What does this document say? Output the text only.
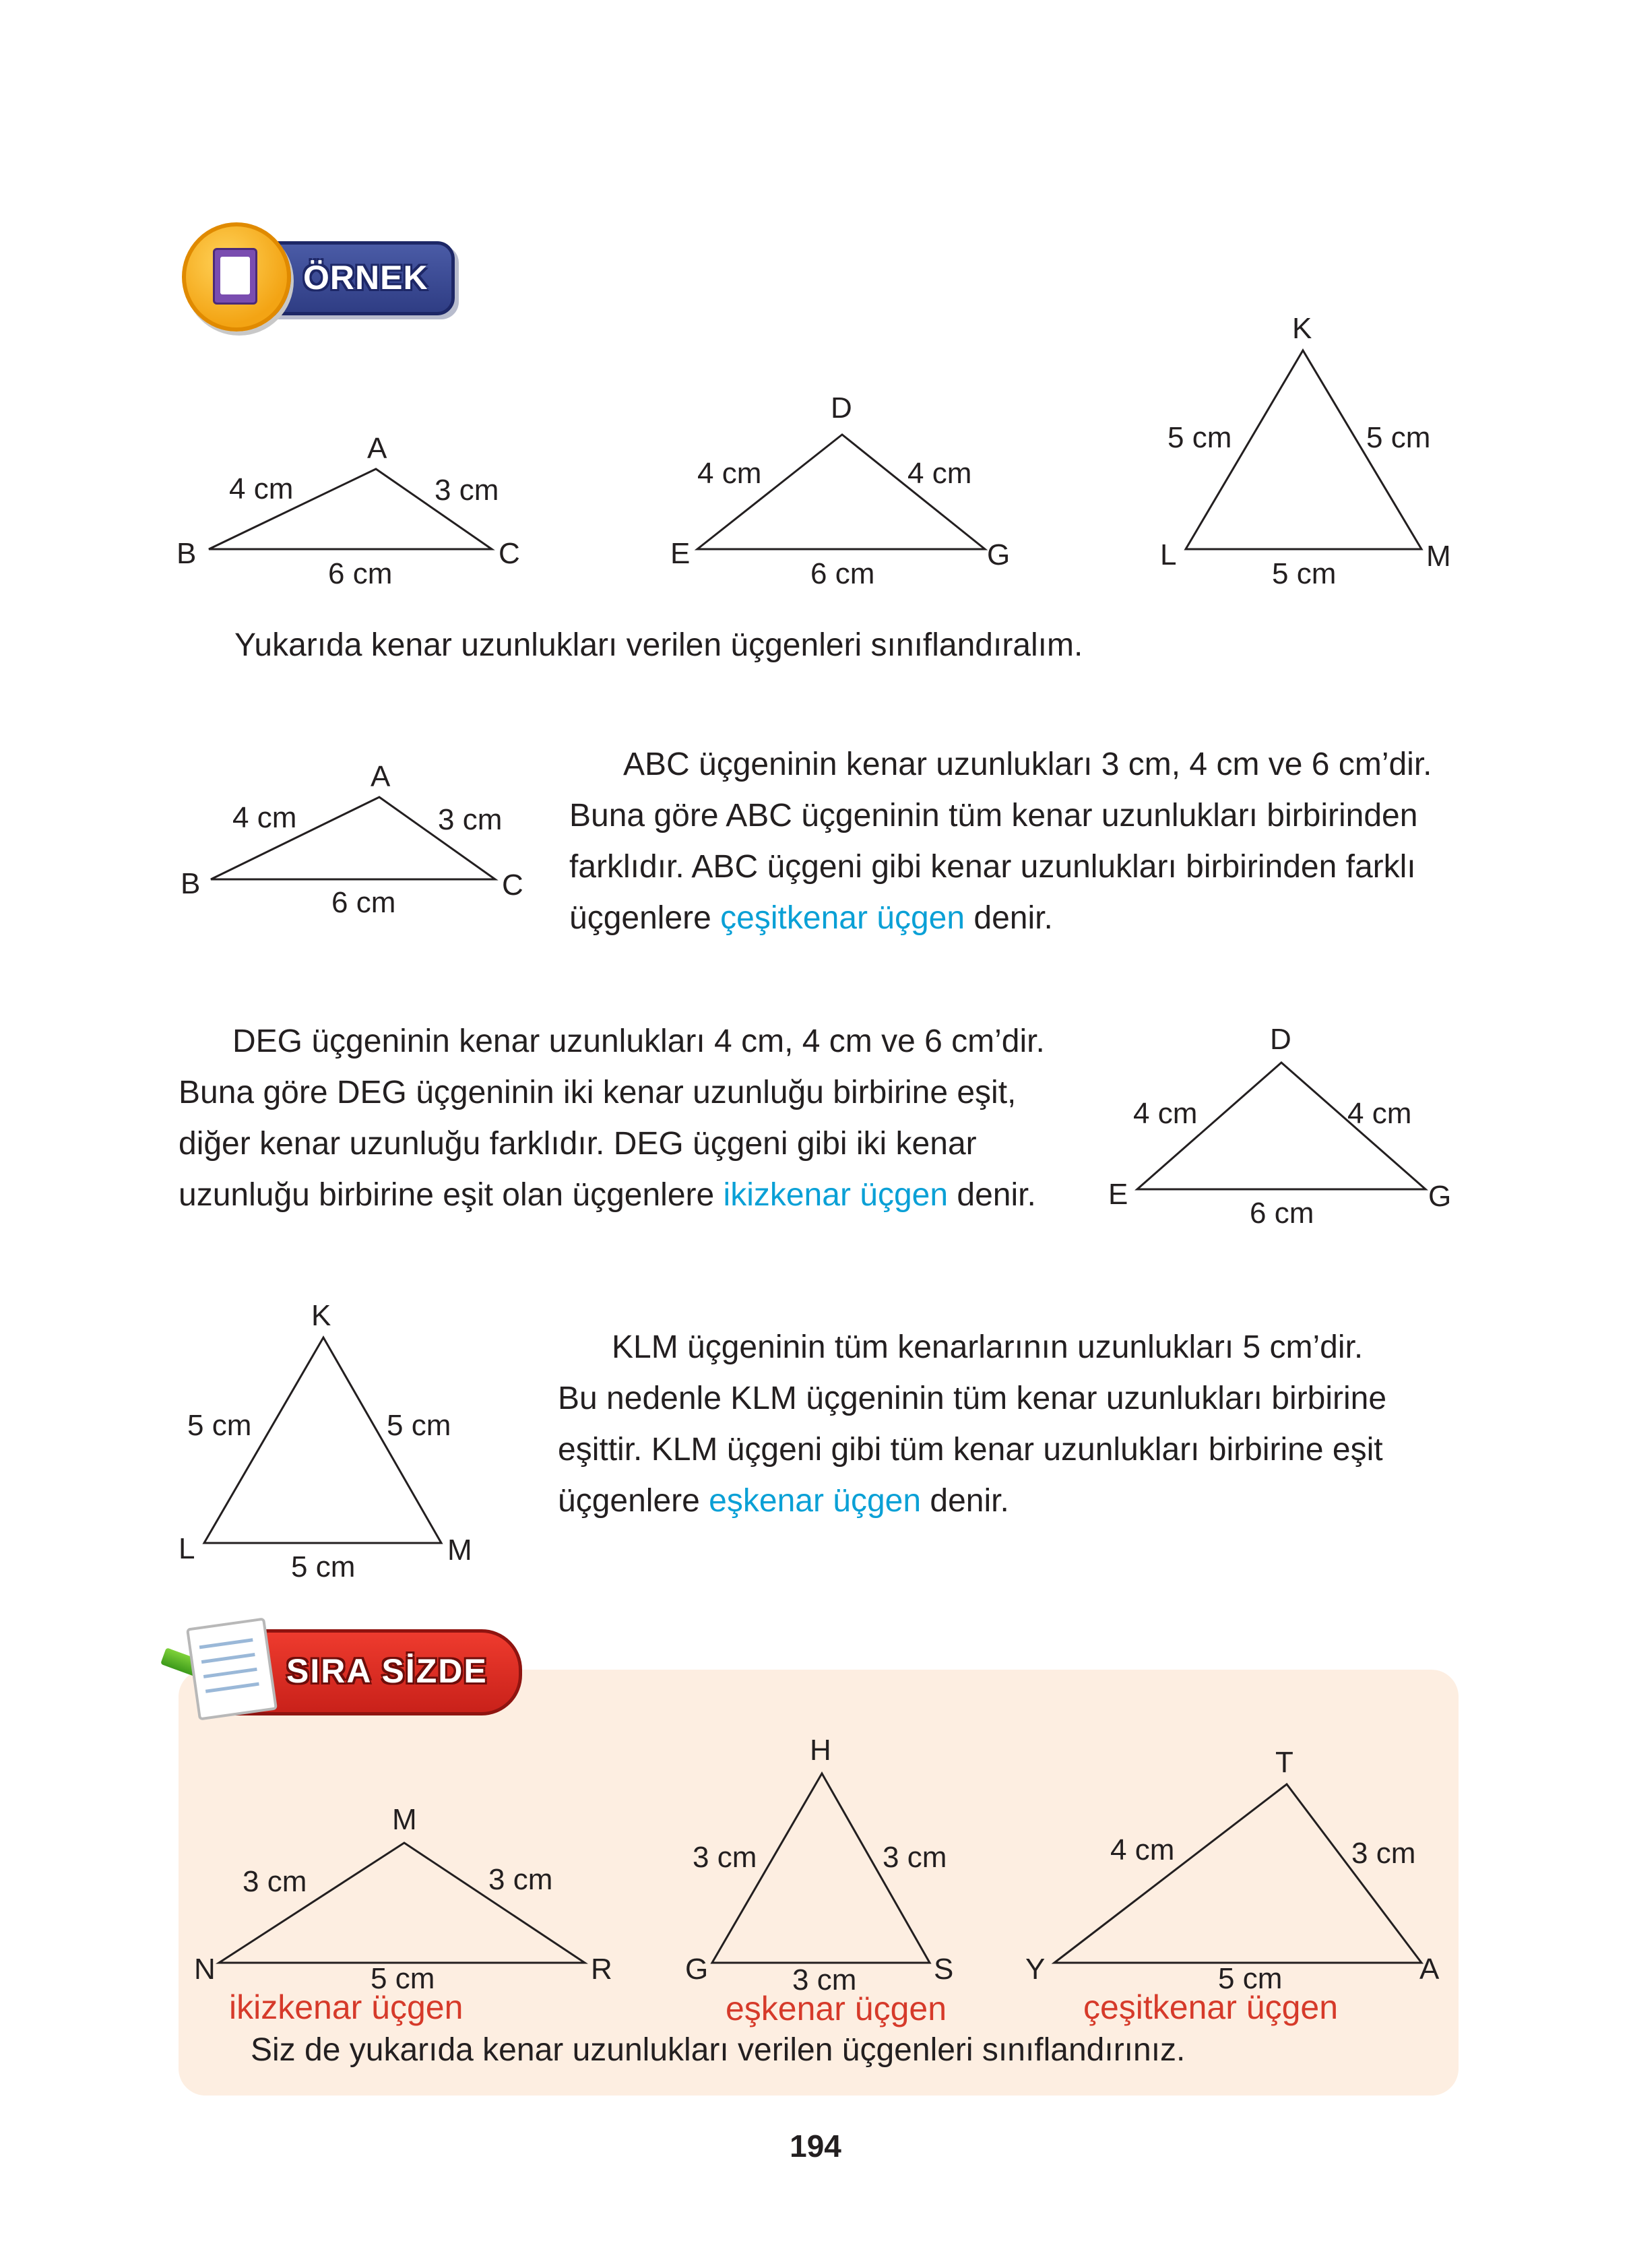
ÖRNEK
A
B	C
4 cm	3 cm
6 cm
D
E	G
4 cm	4 cm
6 cm
K
L	M
5 cm	5 cm
5 cm
Yukarıda kenar uzunlukları verilen üçgenleri sınıflandıralım.
A
B	C
4 cm	3 cm
6 cm
ABC üçgeninin kenar uzunlukları 3 cm, 4 cm ve 6 cm’dir.
Buna göre ABC üçgeninin tüm kenar uzunlukları birbirinden
farklıdır. ABC üçgeni gibi kenar uzunlukları birbirinden farklı
üçgenlere çeşitkenar üçgen denir.
DEG üçgeninin kenar uzunlukları 4 cm, 4 cm ve 6 cm’dir.
Buna göre DEG üçgeninin iki kenar uzunluğu birbirine eşit,
diğer kenar uzunluğu farklıdır. DEG üçgeni gibi iki kenar
uzunluğu birbirine eşit olan üçgenlere ikizkenar üçgen denir.
D
E	G
4 cm	4 cm
6 cm
K
L	M
5 cm	5 cm
5 cm
KLM üçgeninin tüm kenarlarının uzunlukları 5 cm’dir.
Bu nedenle KLM üçgeninin tüm kenar uzunlukları birbirine
eşittir. KLM üçgeni gibi tüm kenar uzunlukları birbirine eşit
üçgenlere eşkenar üçgen denir.
SIRA SİZDE
M
N	R
3 cm	3 cm
5 cm
ikizkenar üçgen
H
G	S
3 cm	3 cm
3 cm
eşkenar üçgen
T
Y	A
4 cm	3 cm
5 cm
çeşitkenar üçgen
Siz de yukarıda kenar uzunlukları verilen üçgenleri sınıflandırınız.
194
